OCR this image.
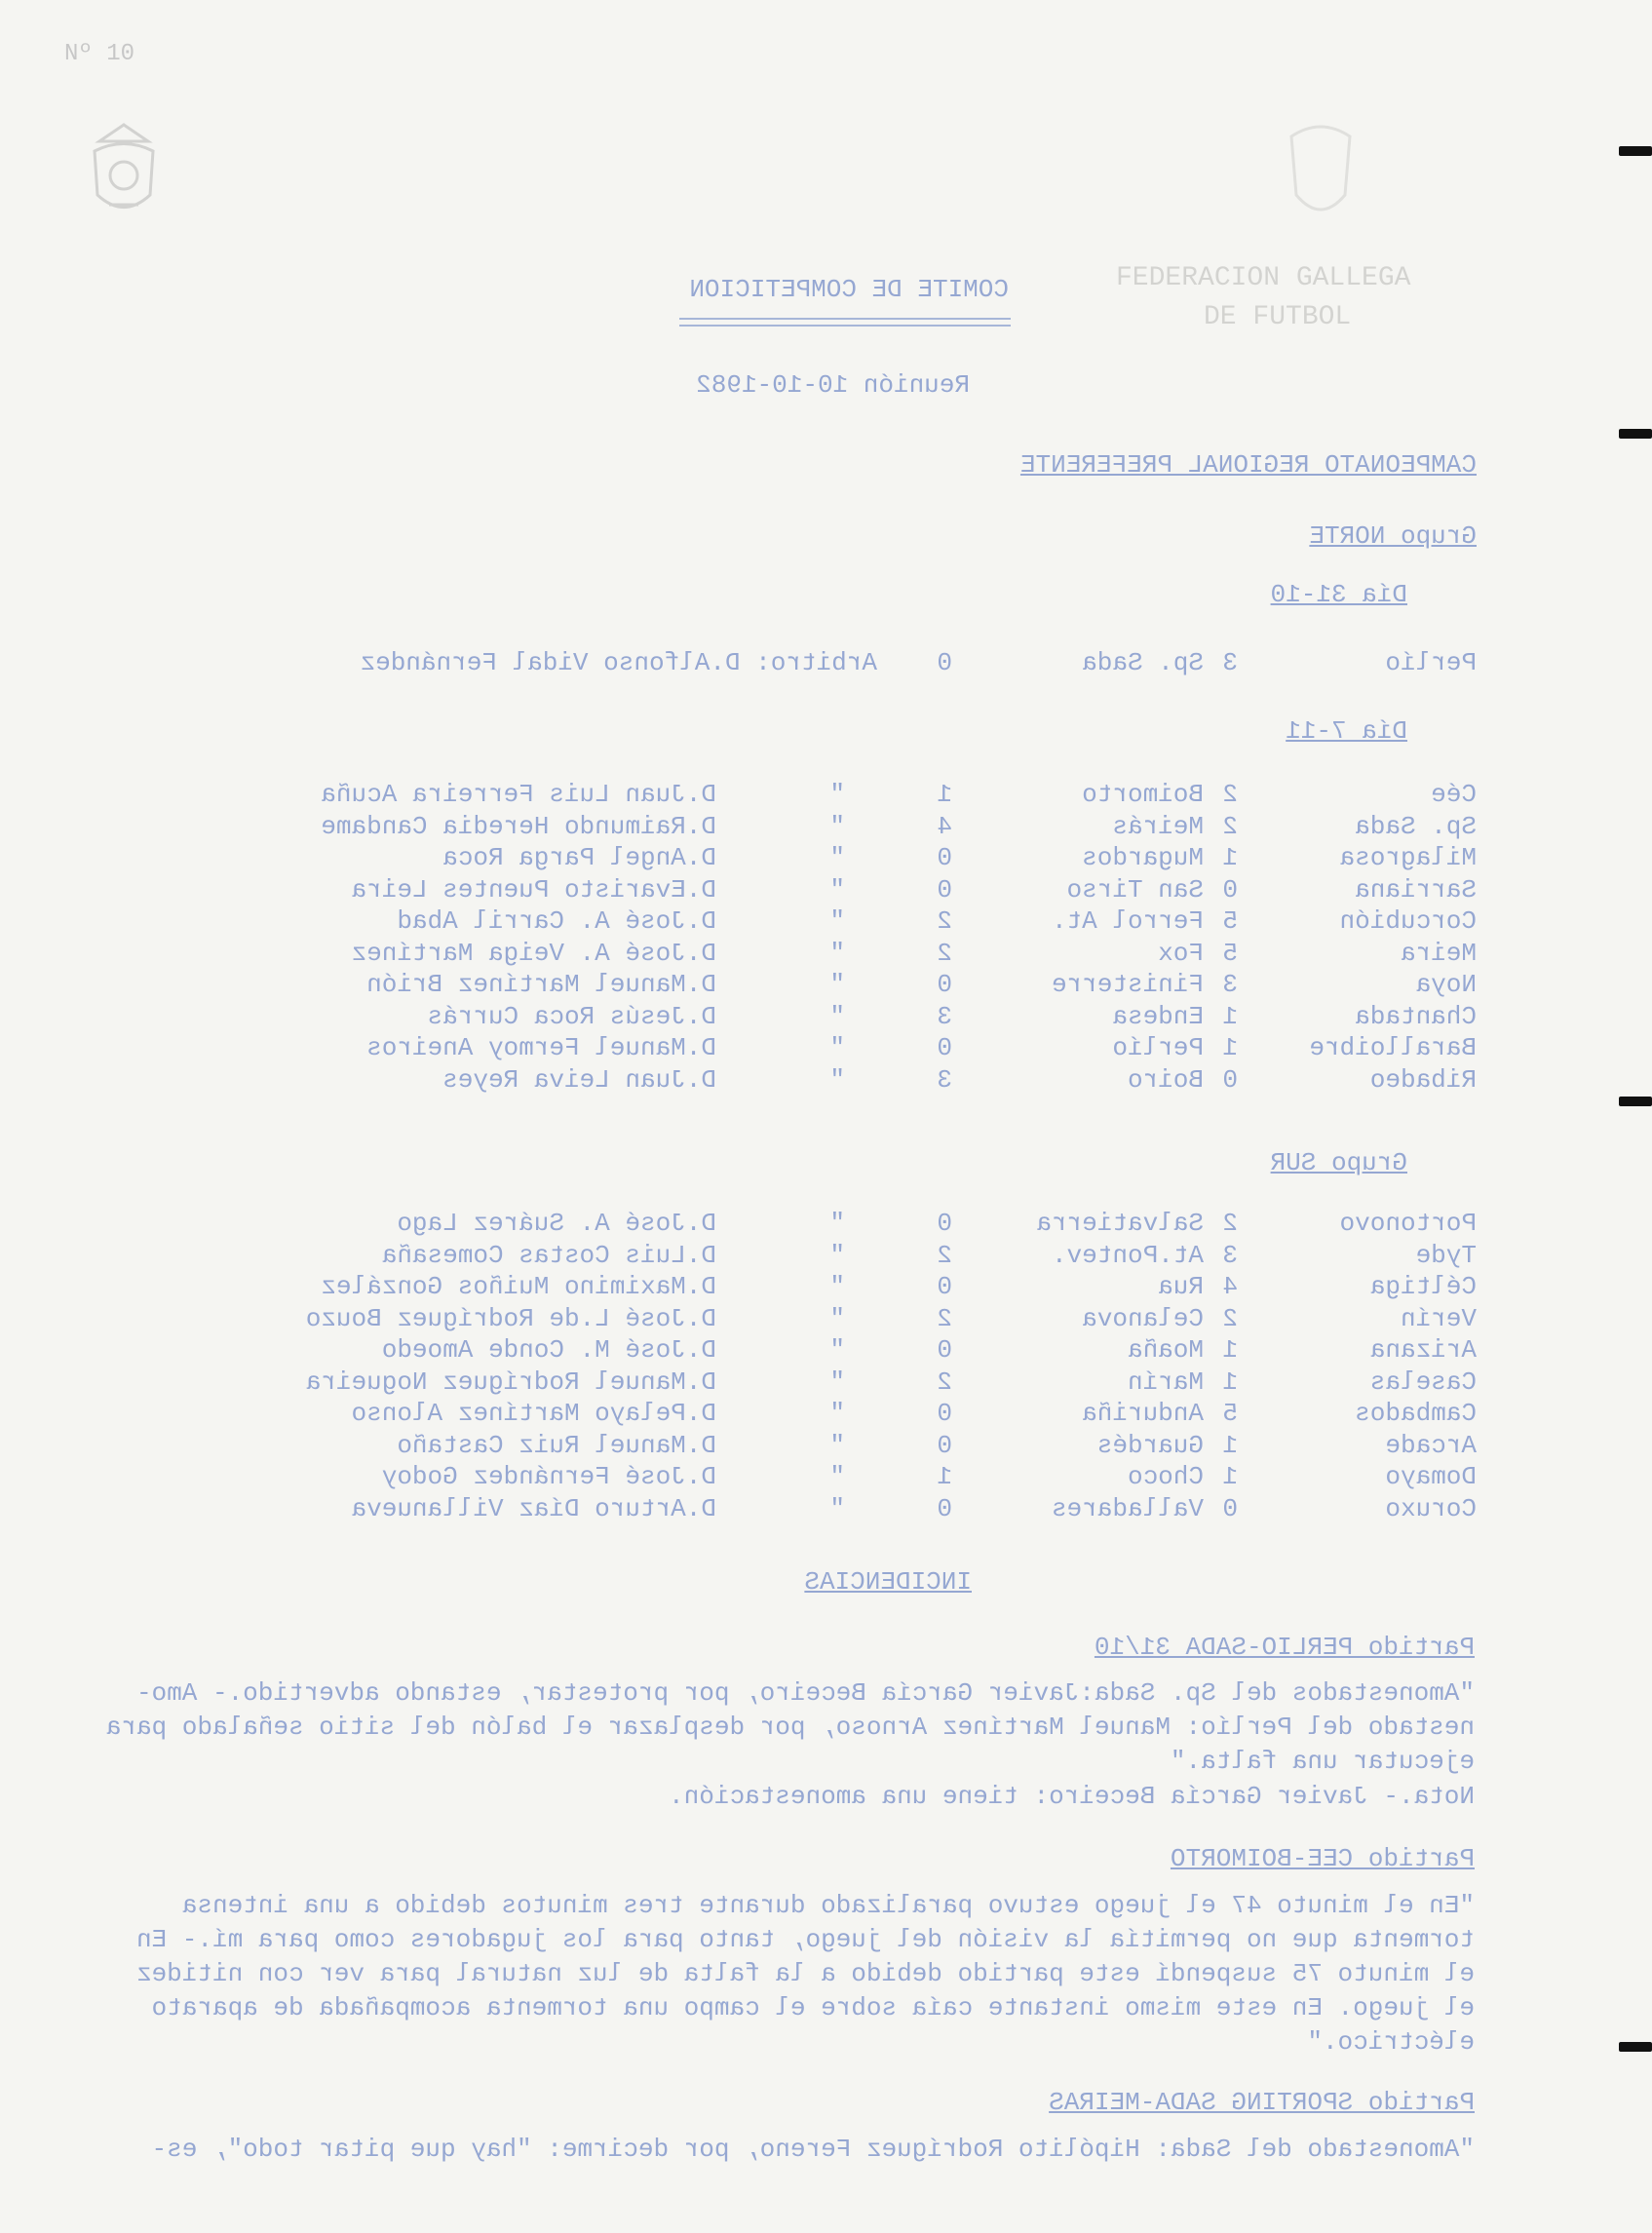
Nº 10
FEDERACION GALLEGA
DE FUTBOL
COMITE DE COMPETICION
Reunión 10-10-1982
CAMPEONATO REGIONAL PREFERENTE
Grupo NORTE
Día 31-10
Perlío
3
Sp. Sada
0
Arbitro: D.Alfonso Vidal Fernández
Día 7-11
Cée
2
Boimorto
1
"
D.Juan Luis Ferreira Acuña
Sp. Sada
2
Meirás
4
"
D.Raimundo Heredia Candame
Milagrosa
1
Mugardos
0
"
D.Angel Parga Roca
Sarriana
0
San Tirso
0
"
D.Evaristo Puentes Leira
Corcubión
5
Ferrol At.
2
"
D.José A. Carril Abad
Meira
5
Fox
2
"
D.José A. Veiga Martínez
Noya
3
Finisterre
0
"
D.Manuel Martínez Brión
Chantada
1
Endesa
3
"
D.Jesús Roca Currás
Baralloibre
1
Perlío
0
"
D.Manuel Fermoy Aneiros
Ribadeo
0
Boiro
3
"
D.Juan Leiva Reyes
Grupo SUR
Portonovo
2
Salvatierra
0
"
D.José A. Suárez Lago
Tyde
3
At.Pontev.
2
"
D.Luis Costas Comesaña
Céltiga
4
Rua
0
"
D.Maximino Muiños González
Verín
2
Celanova
2
"
D.José L.de Rodríguez Bouzo
Arizana
1
Moaña
0
"
D.José M. Conde Amoedo
Caselas
1
Marín
2
"
D.Manuel Rodríguez Nogueira
Cambados
5
Anduriña
0
"
D.Pelayo Martínez Alonso
Arcade
1
Guardés
0
"
D.Manuel Ruiz Castaño
Domayo
1
Choco
1
"
D.José Fernández Godoy
Coruxo
0
Valladares
0
"
D.Arturo Díaz Villanueva
INCIDENCIAS
Partido PERLIO-SADA 31/10
"Amonestados del Sp. Sada:Javier García Beceiro, por protestar, estando advertido.- Amo-
nestado del Perlío: Manuel Martínez Arnoso, por desplazar el balón del sitio señalado para
ejecutar una falta."
Nota.- Javier García Beceiro: tiene una amonestación.
Partido CEE-BOIMORTO
"En el minuto 47 el juego estuvo paralizado durante tres minutos debido a una intensa
tormenta que no permitía la visión del juego, tanto para los jugadores como para mí.- En
el minuto 75 suspendí este partido debido a la falta de luz natural para ver con nitidez
el juego. En este mismo instante caía sobre el campo una tormenta acompañada de aparato
eléctrico."
Partido SPORTING SADA-MEIRAS
"Amonestado del Sada: Hipólito Rodríguez Fereno, por decirme: "hay que pitar todo", es-
